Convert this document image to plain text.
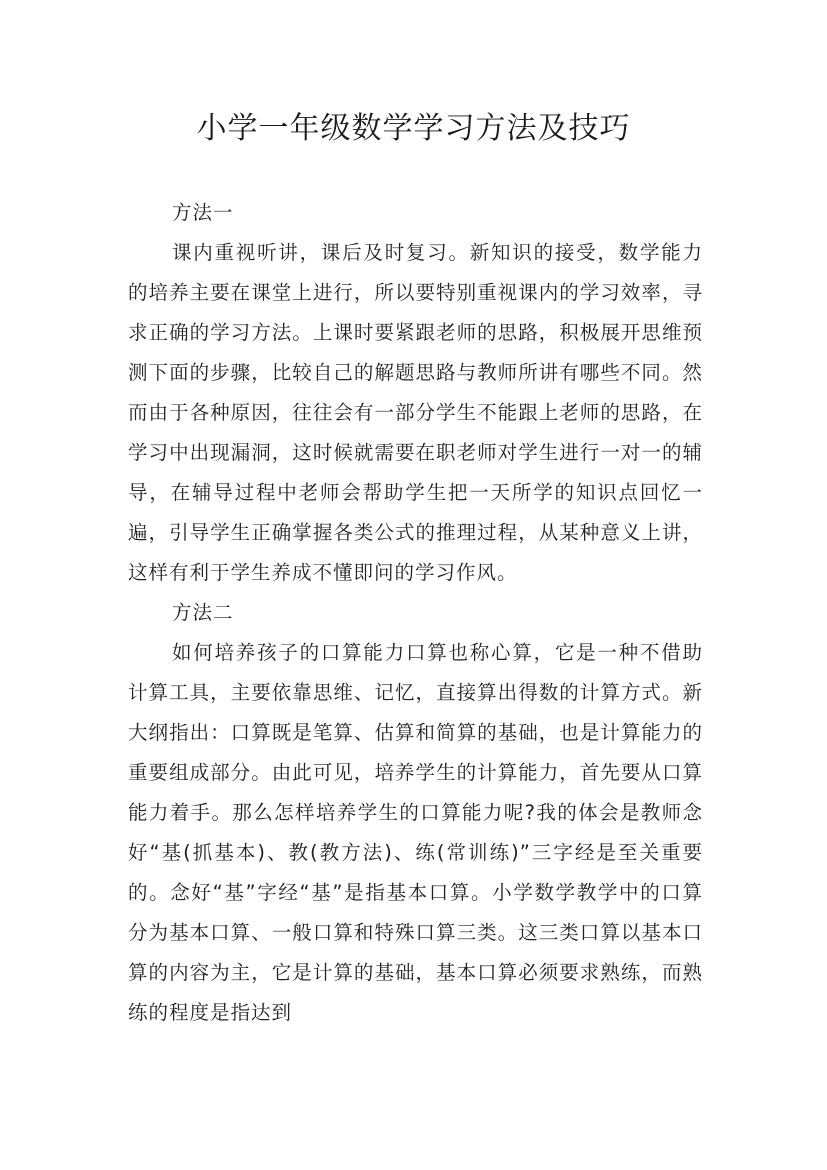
小学一年级数学学习方法及技巧

方法一

课内重视听讲，课后及时复习。新知识的接受，数学能力的培养主要在课堂上进行，所以要特别重视课内的学习效率，寻求正确的学习方法。上课时要紧跟老师的思路，积极展开思维预测下面的步骤，比较自己的解题思路与教师所讲有哪些不同。然而由于各种原因，往往会有一部分学生不能跟上老师的思路，在学习中出现漏洞，这时候就需要在职老师对学生进行一对一的辅导，在辅导过程中老师会帮助学生把一天所学的知识点回忆一遍，引导学生正确掌握各类公式的推理过程，从某种意义上讲，这样有利于学生养成不懂即问的学习作风。

方法二

如何培养孩子的口算能力口算也称心算，它是一种不借助计算工具，主要依靠思维、记忆，直接算出得数的计算方式。新大纲指出：口算既是笔算、估算和简算的基础，也是计算能力的重要组成部分。由此可见，培养学生的计算能力，首先要从口算能力着手。那么怎样培养学生的口算能力呢?我的体会是教师念好“基(抓基本)、教(教方法)、练(常训练)”三字经是至关重要的。念好“基”字经“基”是指基本口算。小学数学教学中的口算分为基本口算、一般口算和特殊口算三类。这三类口算以基本口算的内容为主，它是计算的基础，基本口算必须要求熟练，而熟练的程度是指达到
